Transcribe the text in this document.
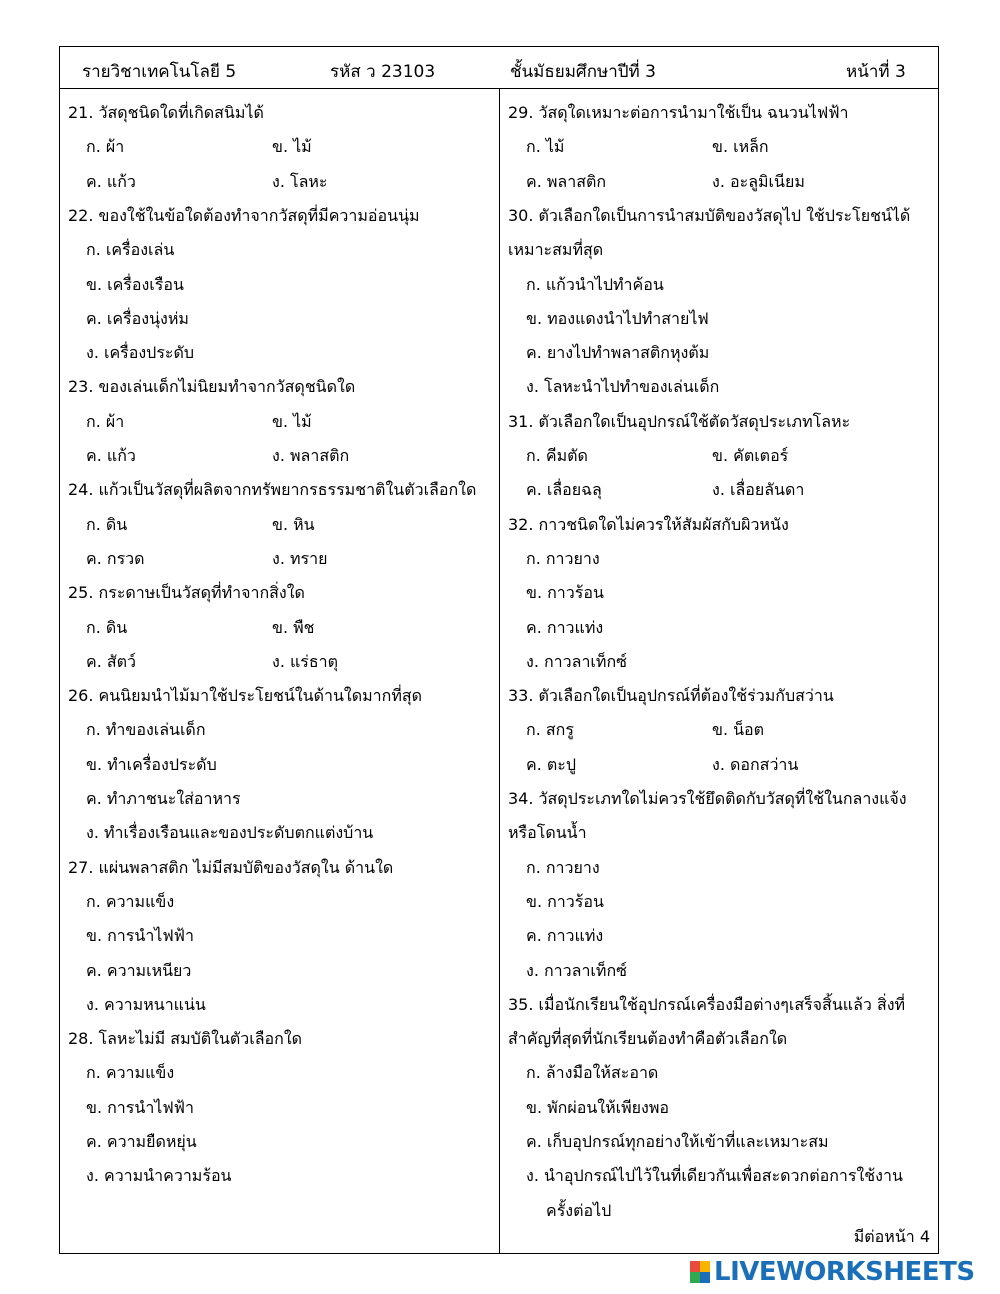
รายวิชาเทคโนโลยี 5	รหัส ว 23103	ชั้นมัธยมศึกษาปีที่ 3	หน้าที่ 3
21. วัสดุชนิดใดที่เกิดสนิมได้
ก. ผ้า	ข. ไม้
ค. แก้ว	ง. โลหะ
22. ของใช้ในข้อใดต้องทำจากวัสดุที่มีความอ่อนนุ่ม
ก. เครื่องเล่น
ข. เครื่องเรือน
ค. เครื่องนุ่งห่ม
ง. เครื่องประดับ
23. ของเล่นเด็กไม่นิยมทำจากวัสดุชนิดใด
ก. ผ้า	ข. ไม้
ค. แก้ว	ง. พลาสติก
24. แก้วเป็นวัสดุที่ผลิตจากทรัพยากรธรรมชาติในตัวเลือกใด
ก. ดิน	ข. หิน
ค. กรวด	ง. ทราย
25. กระดาษเป็นวัสดุที่ทำจากสิ่งใด
ก. ดิน	ข. พืช
ค. สัตว์	ง. แร่ธาตุ
26. คนนิยมนำไม้มาใช้ประโยชน์ในด้านใดมากที่สุด
ก. ทำของเล่นเด็ก
ข. ทำเครื่องประดับ
ค. ทำภาชนะใส่อาหาร
ง. ทำเรื่องเรือนและของประดับตกแต่งบ้าน
27. แผ่นพลาสติก ไม่มีสมบัติของวัสดุใน ด้านใด
ก. ความแข็ง
ข. การนำไฟฟ้า
ค. ความเหนียว
ง. ความหนาแน่น
28. โลหะไม่มี สมบัติในตัวเลือกใด
ก. ความแข็ง
ข. การนำไฟฟ้า
ค. ความยืดหยุ่น
ง. ความนำความร้อน
29. วัสดุใดเหมาะต่อการนำมาใช้เป็น ฉนวนไฟฟ้า
ก. ไม้	ข. เหล็ก
ค. พลาสติก	ง. อะลูมิเนียม
30. ตัวเลือกใดเป็นการนำสมบัติของวัสดุไป ใช้ประโยชน์ได้
เหมาะสมที่สุด
ก. แก้วนำไปทำค้อน
ข. ทองแดงนำไปทำสายไฟ
ค. ยางไปทำพลาสติกหุงต้ม
ง. โลหะนำไปทำของเล่นเด็ก
31. ตัวเลือกใดเป็นอุปกรณ์ใช้ตัดวัสดุประเภทโลหะ
ก. คีมตัด	ข. คัตเตอร์
ค. เลื่อยฉลุ	ง. เลื่อยลันดา
32. กาวชนิดใดไม่ควรให้สัมผัสกับผิวหนัง
ก. กาวยาง
ข. กาวร้อน
ค. กาวแท่ง
ง. กาวลาเท็กซ์
33. ตัวเลือกใดเป็นอุปกรณ์ที่ต้องใช้ร่วมกับสว่าน
ก. สกรู	ข. น็อต
ค. ตะปู	ง. ดอกสว่าน
34. วัสดุประเภทใดไม่ควรใช้ยึดติดกับวัสดุที่ใช้ในกลางแจ้ง
หรือโดนน้ำ
ก. กาวยาง
ข. กาวร้อน
ค. กาวแท่ง
ง. กาวลาเท็กซ์
35. เมื่อนักเรียนใช้อุปกรณ์เครื่องมือต่างๆเสร็จสิ้นแล้ว สิ่งที่
สำคัญที่สุดที่นักเรียนต้องทำคือตัวเลือกใด
ก. ล้างมือให้สะอาด
ข. พักผ่อนให้เพียงพอ
ค. เก็บอุปกรณ์ทุกอย่างให้เข้าที่และเหมาะสม
ง. นำอุปกรณ์ไปไว้ในที่เดียวกันเพื่อสะดวกต่อการใช้งาน
ครั้งต่อไป
มีต่อหน้า 4
LIVEWORKSHEETS
